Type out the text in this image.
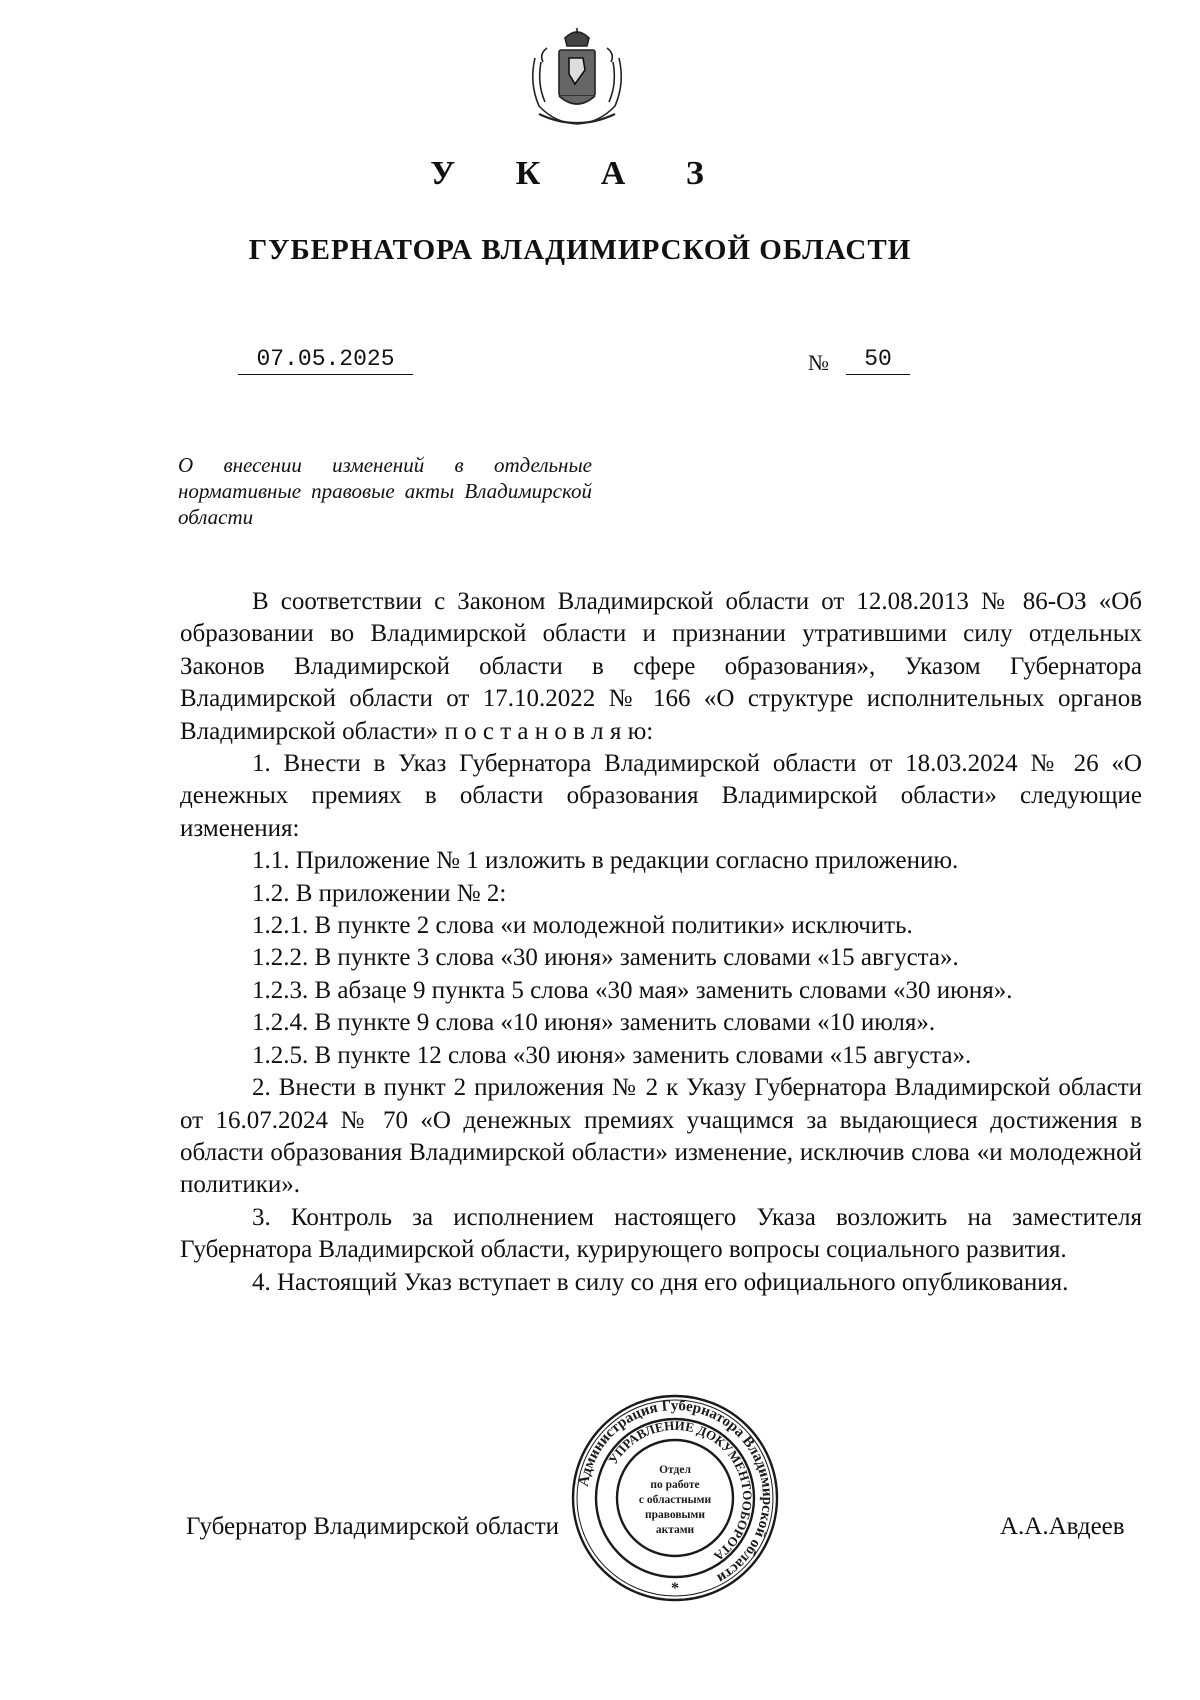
У К А З
ГУБЕРНАТОРА ВЛАДИМИРСКОЙ ОБЛАСТИ
07.05.2025	№	50
О внесении изменений в отдельные нормативные правовые акты Владимирской области

В соответствии с Законом Владимирской области от 12.08.2013 № 86-ОЗ «Об образовании во Владимирской области и признании утратившими силу отдельных Законов Владимирской области в сфере образования», Указом Губернатора Владимирской области от 17.10.2022 № 166 «О структуре исполнительных органов Владимирской области» п о с т а н о в л я ю:

1. Внести в Указ Губернатора Владимирской области от 18.03.2024 № 26 «О денежных премиях в области образования Владимирской области» следующие изменения:

1.1. Приложение № 1 изложить в редакции согласно приложению.

1.2. В приложении № 2:

1.2.1. В пункте 2 слова «и молодежной политики» исключить.

1.2.2. В пункте 3 слова «30 июня» заменить словами «15 августа».

1.2.3. В абзаце 9 пункта 5 слова «30 мая» заменить словами «30 июня».

1.2.4. В пункте 9 слова «10 июня» заменить словами «10 июля».

1.2.5. В пункте 12 слова «30 июня» заменить словами «15 августа».

2. Внести в пункт 2 приложения № 2 к Указу Губернатора Владимирской области от 16.07.2024 № 70 «О денежных премиях учащимся за выдающиеся достижения в области образования Владимирской области» изменение, исключив слова «и молодежной политики».

3. Контроль за исполнением настоящего Указа возложить на заместителя Губернатора Владимирской области, курирующего вопросы социального развития.

4. Настоящий Указ вступает в силу со дня его официального опубликования.

Губернатор Владимирской области	А.А.Авдеев
Администрация Губернатора Владимирской области
УПРАВЛЕНИЕ ДОКУМЕНТООБОРОТА
Отдел
по работе
с областными
правовыми
актами
*
